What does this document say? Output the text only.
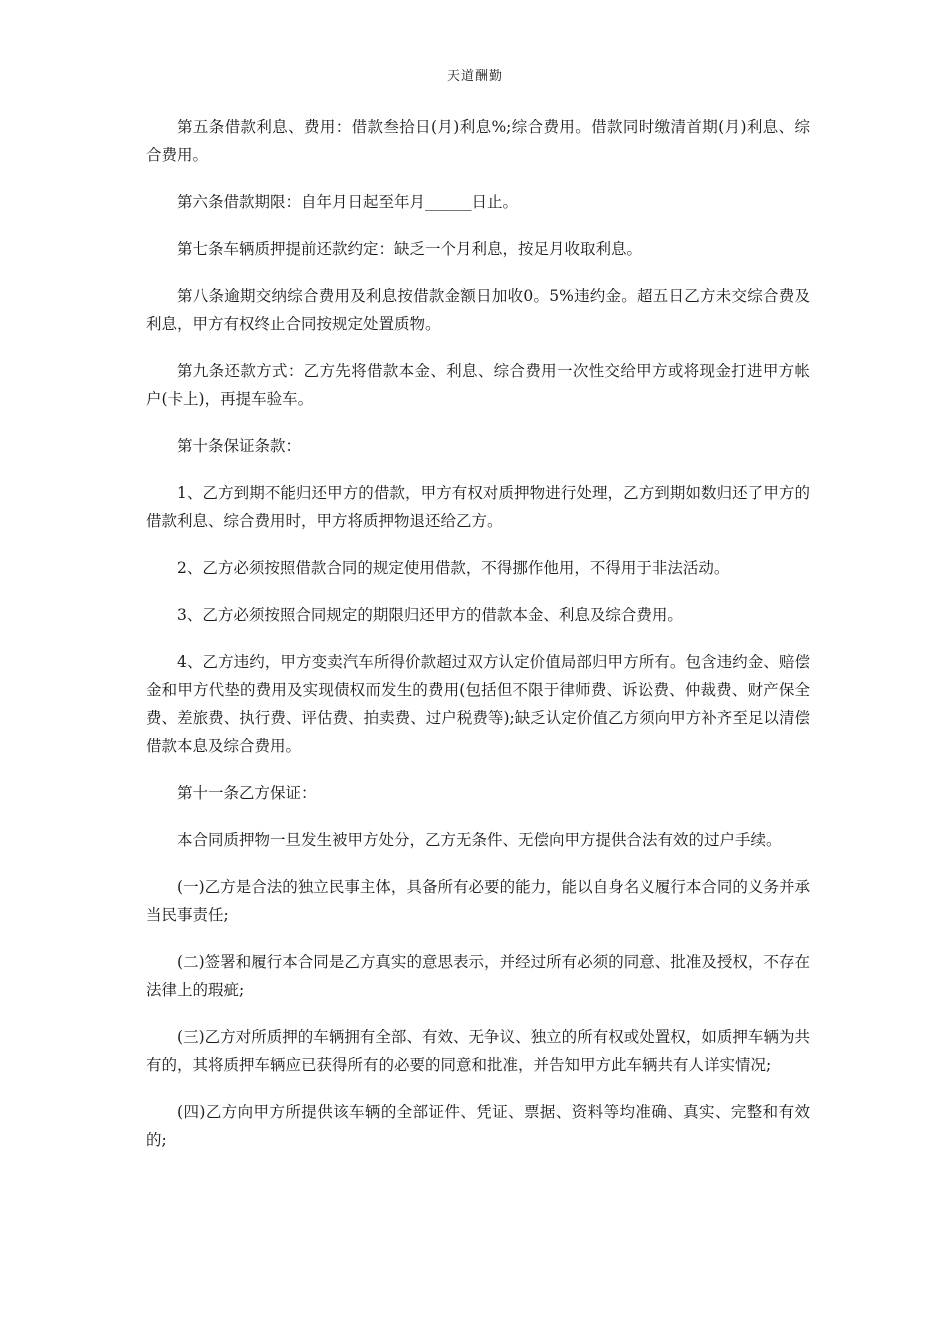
天道酬勤

第五条借款利息、费用：借款叁拾日(月)利息%;综合费用。借款同时缴清首期(月)利息、综合费用。

第六条借款期限：自年月日起至年月______日止。

第七条车辆质押提前还款约定：缺乏一个月利息，按足月收取利息。

第八条逾期交纳综合费用及利息按借款金额日加收0。5%违约金。超五日乙方未交综合费及利息，甲方有权终止合同按规定处置质物。

第九条还款方式：乙方先将借款本金、利息、综合费用一次性交给甲方或将现金打进甲方帐户(卡上)，再提车验车。

第十条保证条款：

1、乙方到期不能归还甲方的借款，甲方有权对质押物进行处理，乙方到期如数归还了甲方的借款利息、综合费用时，甲方将质押物退还给乙方。

2、乙方必须按照借款合同的规定使用借款，不得挪作他用，不得用于非法活动。

3、乙方必须按照合同规定的期限归还甲方的借款本金、利息及综合费用。

4、乙方违约，甲方变卖汽车所得价款超过双方认定价值局部归甲方所有。包含违约金、赔偿金和甲方代垫的费用及实现债权而发生的费用(包括但不限于律师费、诉讼费、仲裁费、财产保全费、差旅费、执行费、评估费、拍卖费、过户税费等);缺乏认定价值乙方须向甲方补齐至足以清偿借款本息及综合费用。

第十一条乙方保证：

本合同质押物一旦发生被甲方处分，乙方无条件、无偿向甲方提供合法有效的过户手续。

(一)乙方是合法的独立民事主体，具备所有必要的能力，能以自身名义履行本合同的义务并承当民事责任;

(二)签署和履行本合同是乙方真实的意思表示，并经过所有必须的同意、批准及授权，不存在法律上的瑕疵;

(三)乙方对所质押的车辆拥有全部、有效、无争议、独立的所有权或处置权，如质押车辆为共有的，其将质押车辆应已获得所有的必要的同意和批准，并告知甲方此车辆共有人详实情况;

(四)乙方向甲方所提供该车辆的全部证件、凭证、票据、资料等均准确、真实、完整和有效的;
